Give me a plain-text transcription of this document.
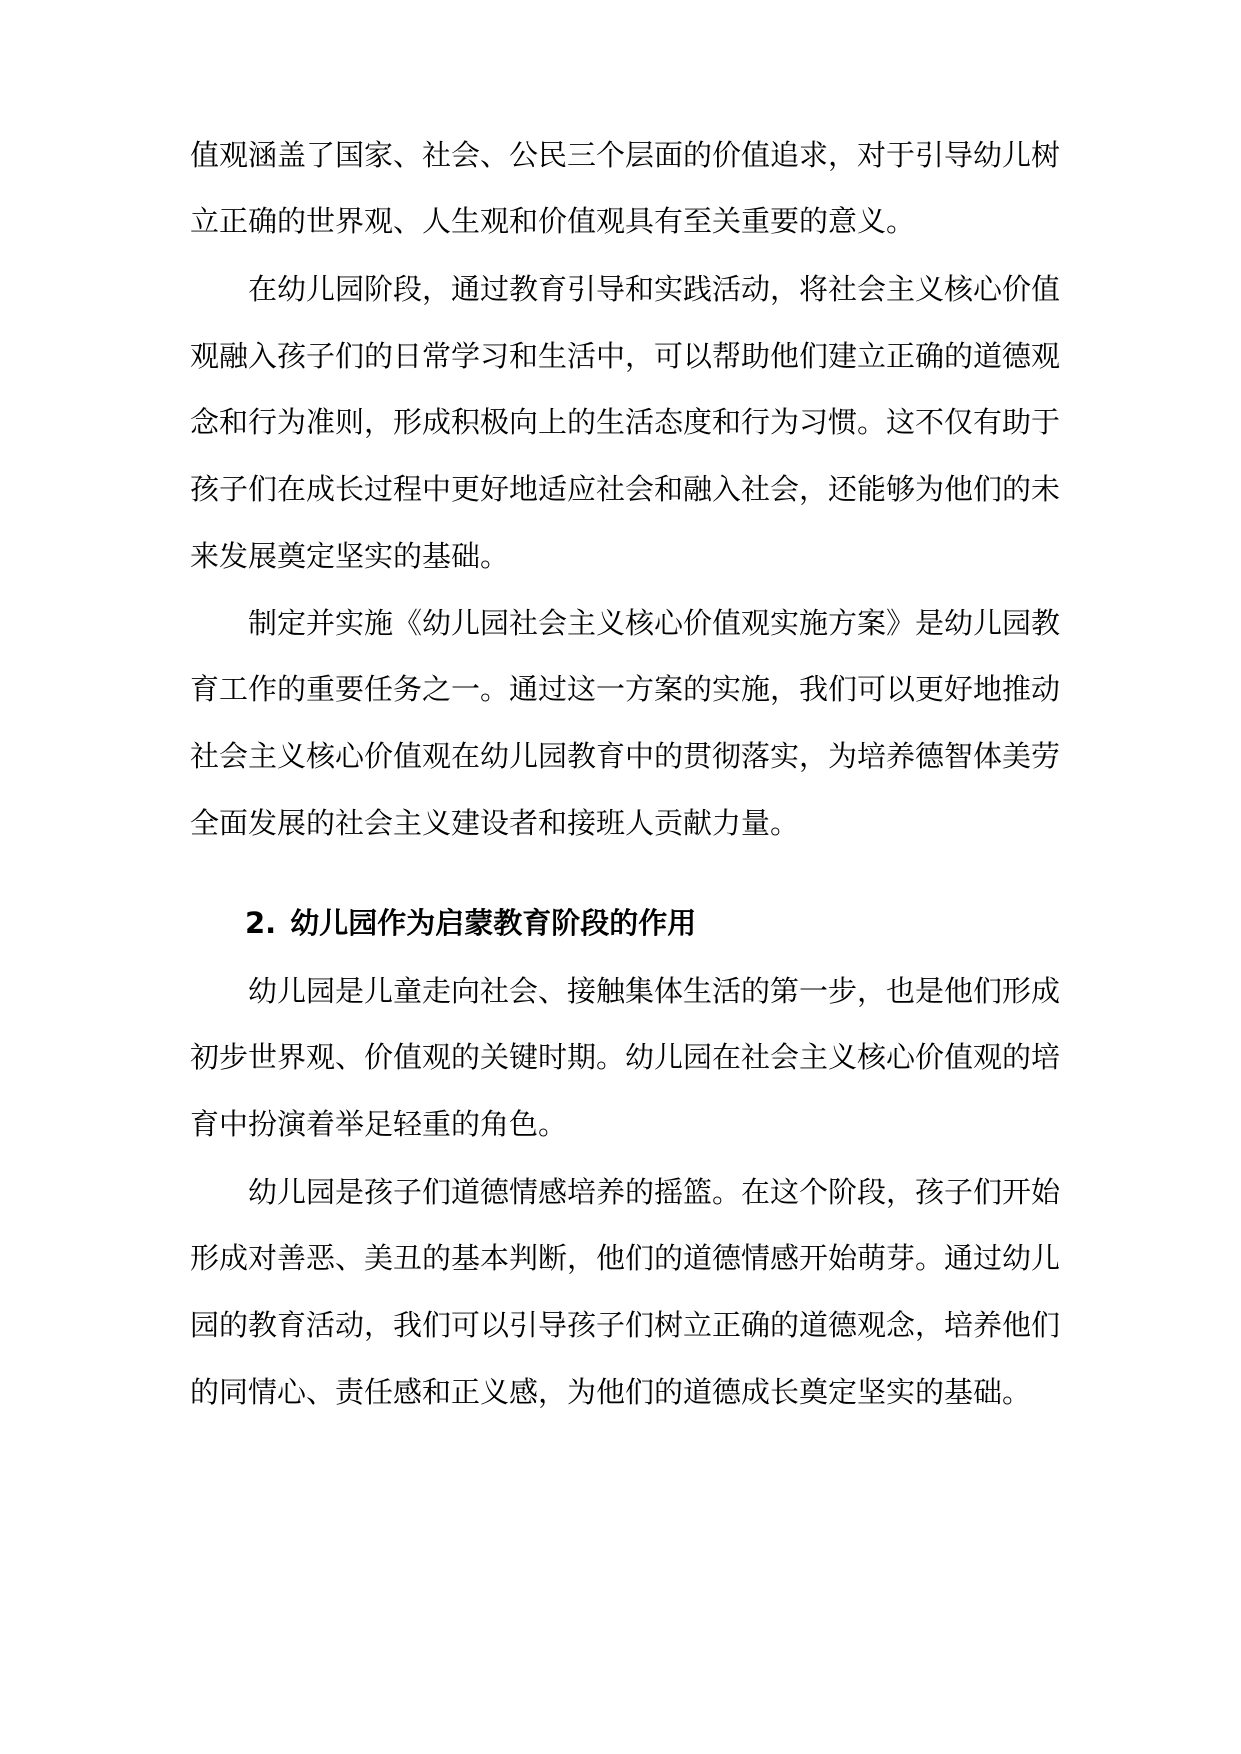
值观涵盖了国家、社会、公民三个层面的价值追求，对于引导幼儿树
立正确的世界观、人生观和价值观具有至关重要的意义。
在幼儿园阶段，通过教育引导和实践活动，将社会主义核心价值
观融入孩子们的日常学习和生活中，可以帮助他们建立正确的道德观
念和行为准则，形成积极向上的生活态度和行为习惯。这不仅有助于
孩子们在成长过程中更好地适应社会和融入社会，还能够为他们的未
来发展奠定坚实的基础。
制定并实施《幼儿园社会主义核心价值观实施方案》是幼儿园教
育工作的重要任务之一。通过这一方案的实施，我们可以更好地推动
社会主义核心价值观在幼儿园教育中的贯彻落实，为培养德智体美劳
全面发展的社会主义建设者和接班人贡献力量。
2. 幼儿园作为启蒙教育阶段的作用
幼儿园是儿童走向社会、接触集体生活的第一步，也是他们形成
初步世界观、价值观的关键时期。幼儿园在社会主义核心价值观的培
育中扮演着举足轻重的角色。
幼儿园是孩子们道德情感培养的摇篮。在这个阶段，孩子们开始
形成对善恶、美丑的基本判断，他们的道德情感开始萌芽。通过幼儿
园的教育活动，我们可以引导孩子们树立正确的道德观念，培养他们
的同情心、责任感和正义感，为他们的道德成长奠定坚实的基础。
